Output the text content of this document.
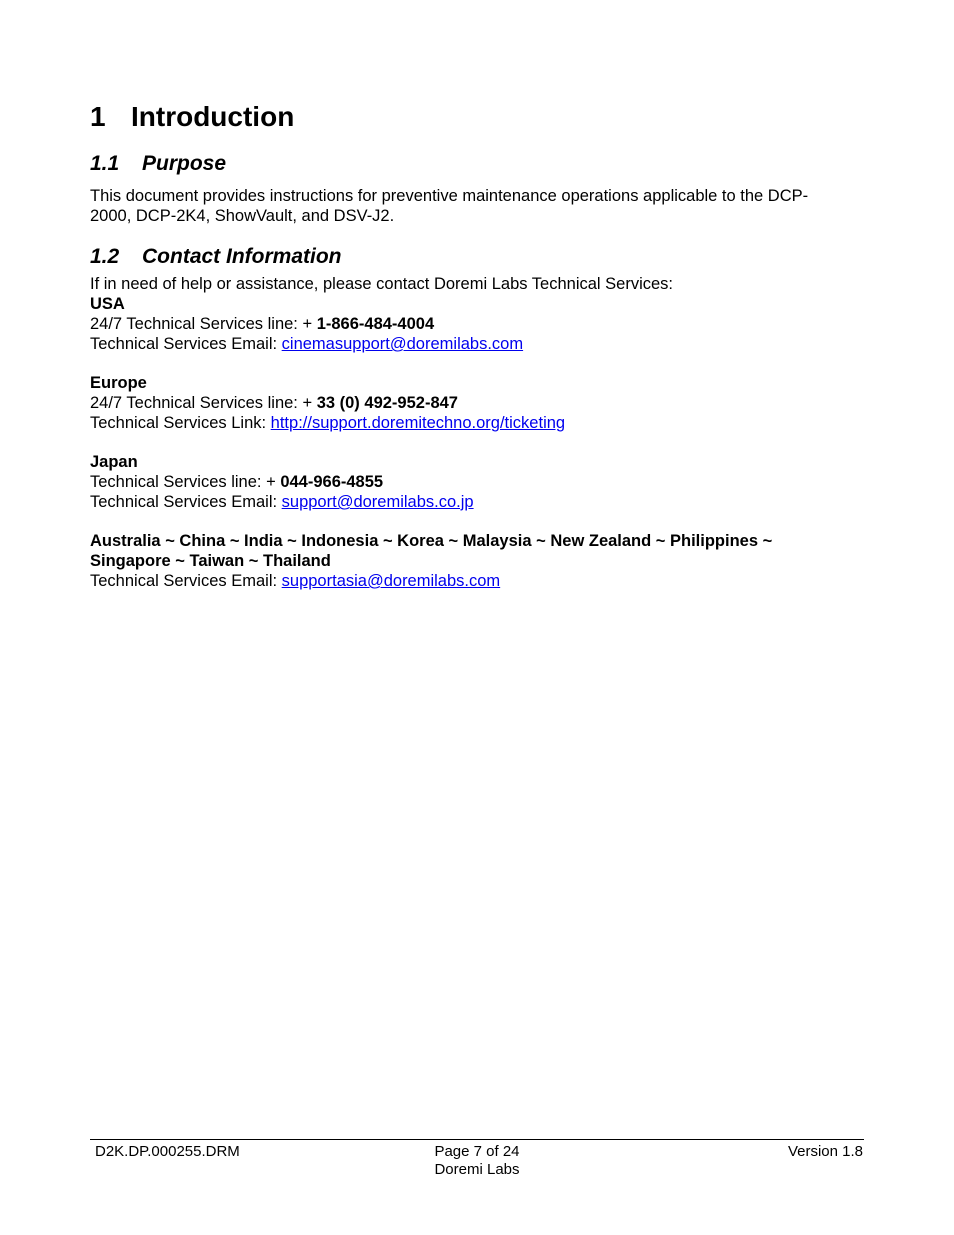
1 Introduction
1.1 Purpose
This document provides instructions for preventive maintenance operations applicable to the DCP-
2000, DCP-2K4, ShowVault, and DSV-J2.
1.2 Contact Information
If in need of help or assistance, please contact Doremi Labs Technical Services:
USA
24/7 Technical Services line: + 1-866-484-4004
Technical Services Email: cinemasupport@doremilabs.com
Europe
24/7 Technical Services line: + 33 (0) 492-952-847
Technical Services Link: http://support.doremitechno.org/ticketing
Japan
Technical Services line: + 044-966-4855
Technical Services Email: support@doremilabs.co.jp
Australia ~ China ~ India ~ Indonesia ~ Korea ~ Malaysia ~ New Zealand ~ Philippines ~
Singapore ~ Taiwan ~ Thailand
Technical Services Email: supportasia@doremilabs.com
D2K.DP.000255.DRM	Page 7 of 24
Doremi Labs
Version 1.8
